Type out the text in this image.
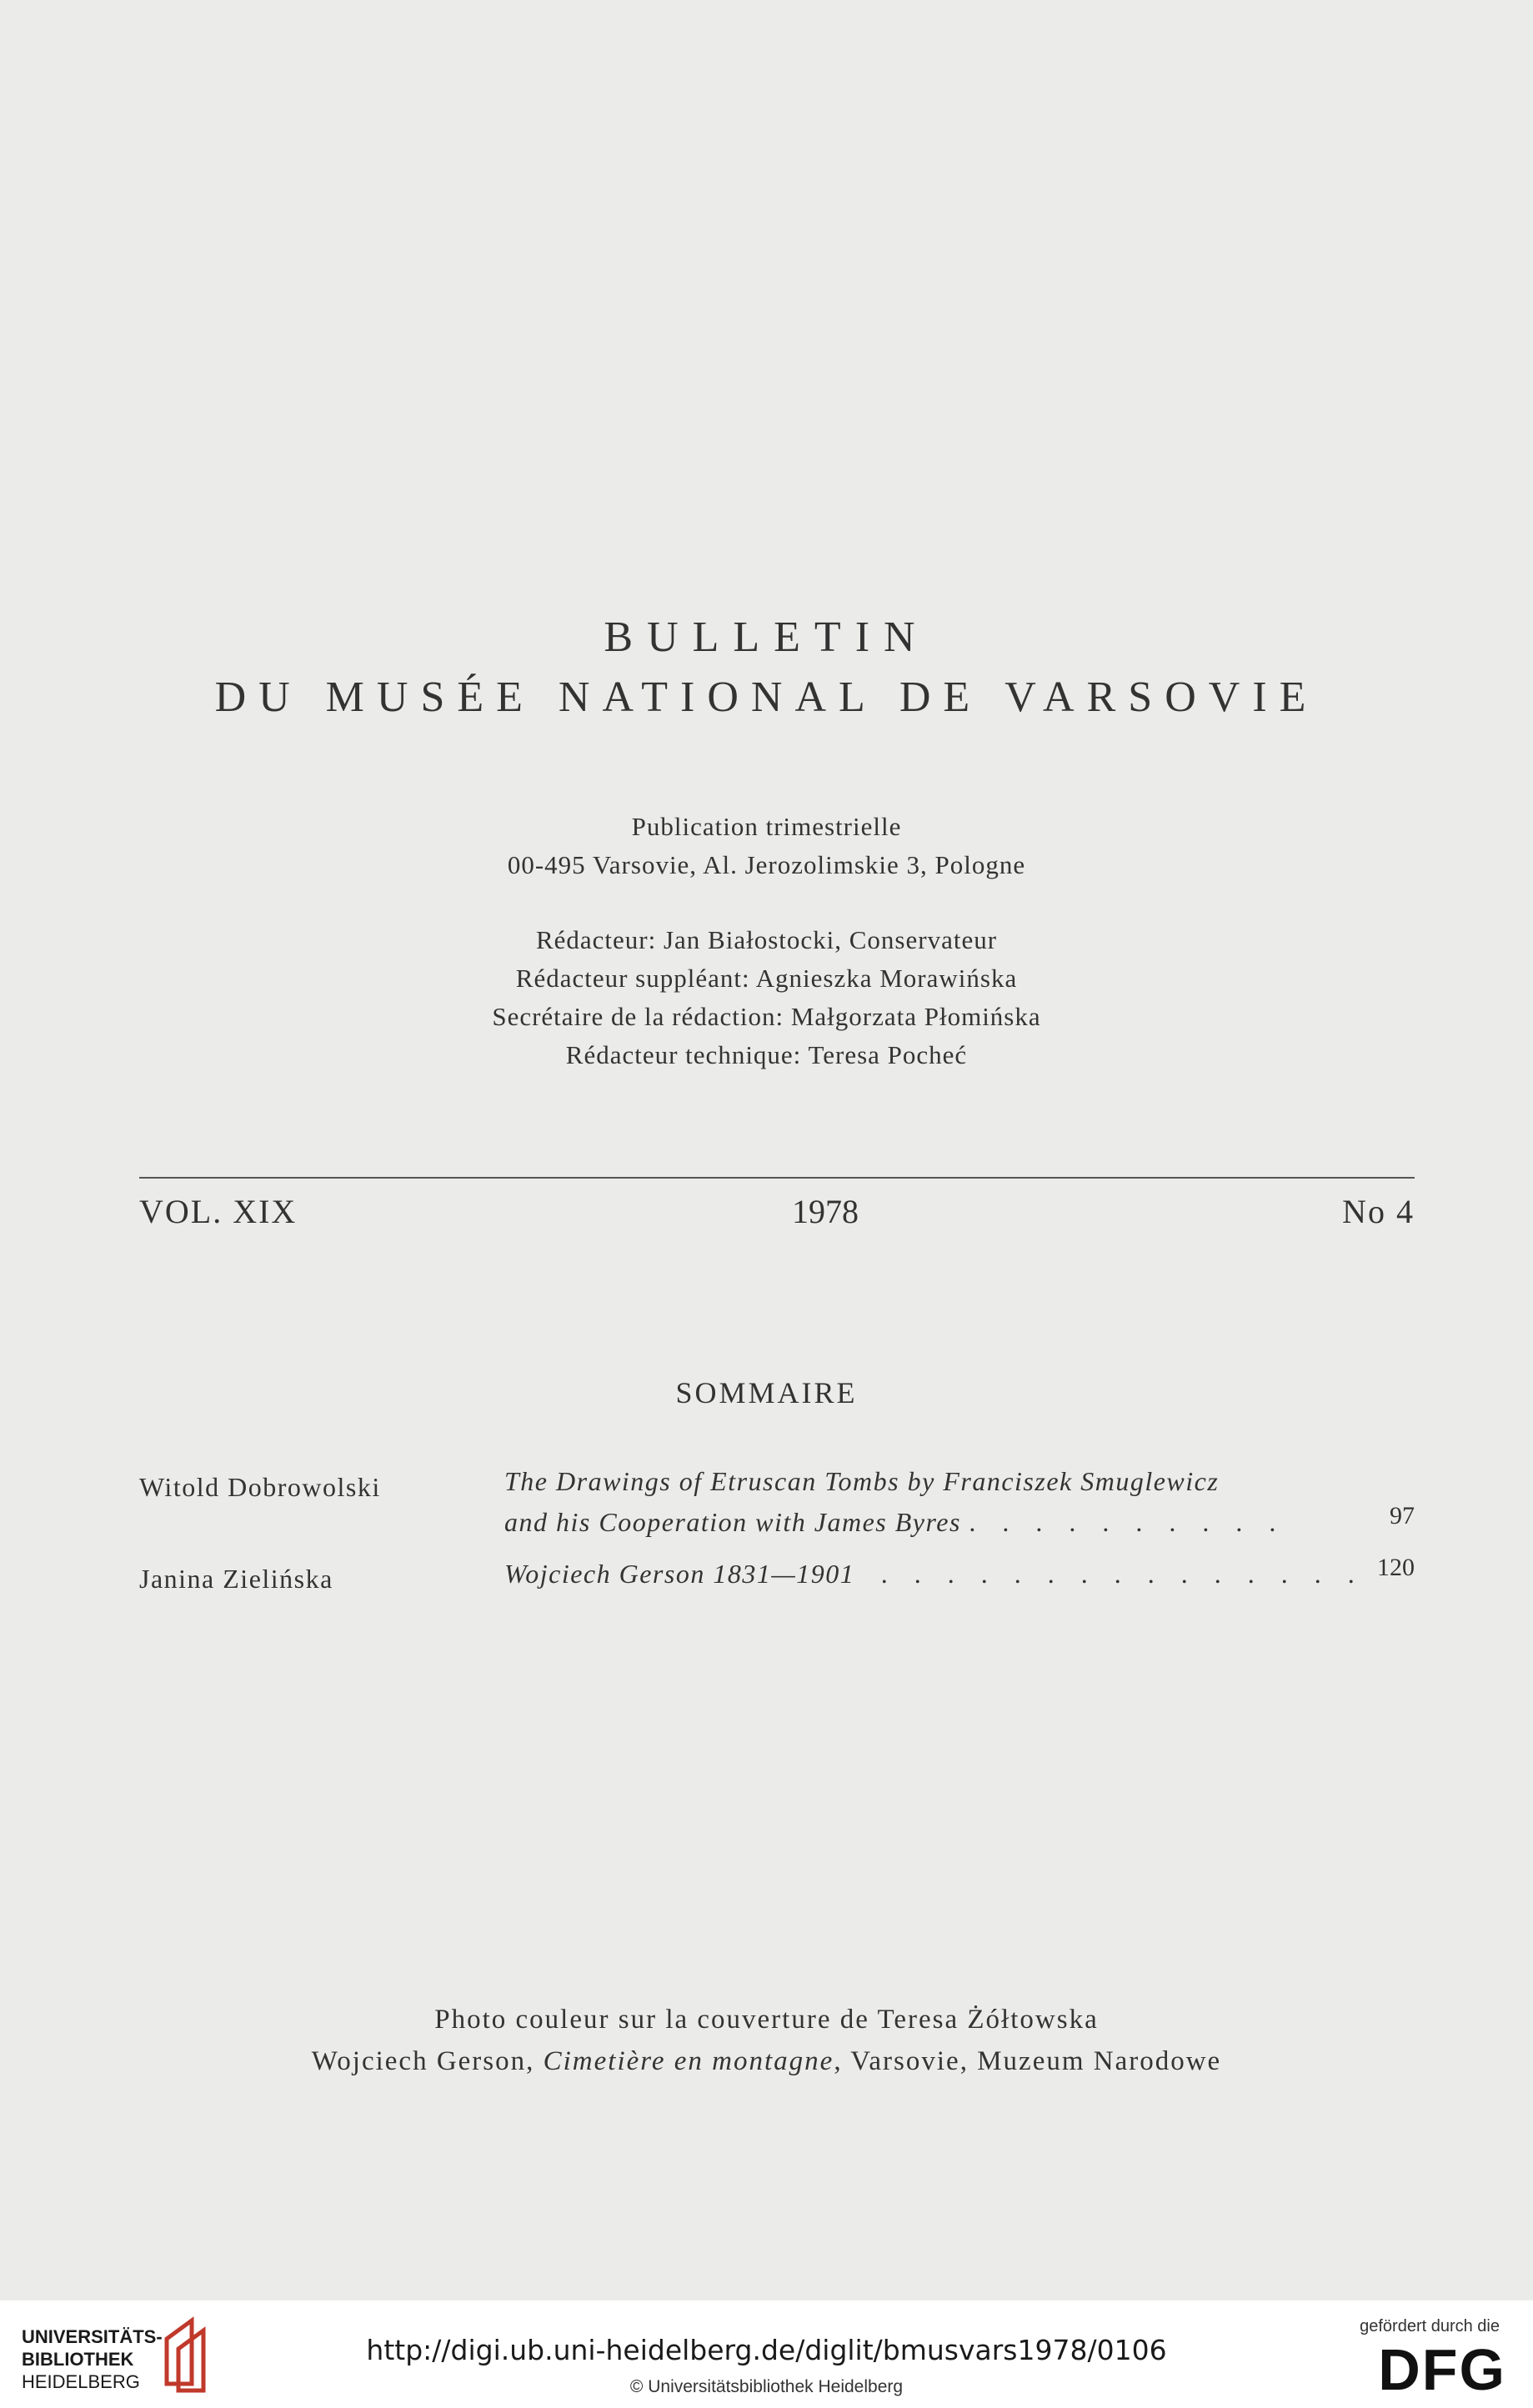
BULLETIN
DU MUSÉE NATIONAL DE VARSOVIE
Publication trimestrielle
00-495 Varsovie, Al. Jerozolimskie 3, Pologne
Rédacteur: Jan Białostocki, Conservateur
Rédacteur suppléant: Agnieszka Morawińska
Secrétaire de la rédaction: Małgorzata Płomińska
Rédacteur technique: Teresa Pocheć
VOL. XIX	1978	No 4
SOMMAIRE
Witold Dobrowolski	The Drawings of Etruscan Tombs by Franciszek Smuglewicz
and his Cooperation with James Byres . . . . . . . . . .	97
Janina Zielińska	Wojciech Gerson 1831—1901 . . . . . . . . . . . . . . . 120
Photo couleur sur la couverture de Teresa Żółtowska
Wojciech Gerson, Cimetière en montagne, Varsovie, Muzeum Narodowe
UNIVERSITÄTS-
BIBLIOTHEK
HEIDELBERG
http://digi.ub.uni-heidelberg.de/diglit/bmusvars1978/0106
© Universitätsbibliothek Heidelberg
gefördert durch die
DFG
